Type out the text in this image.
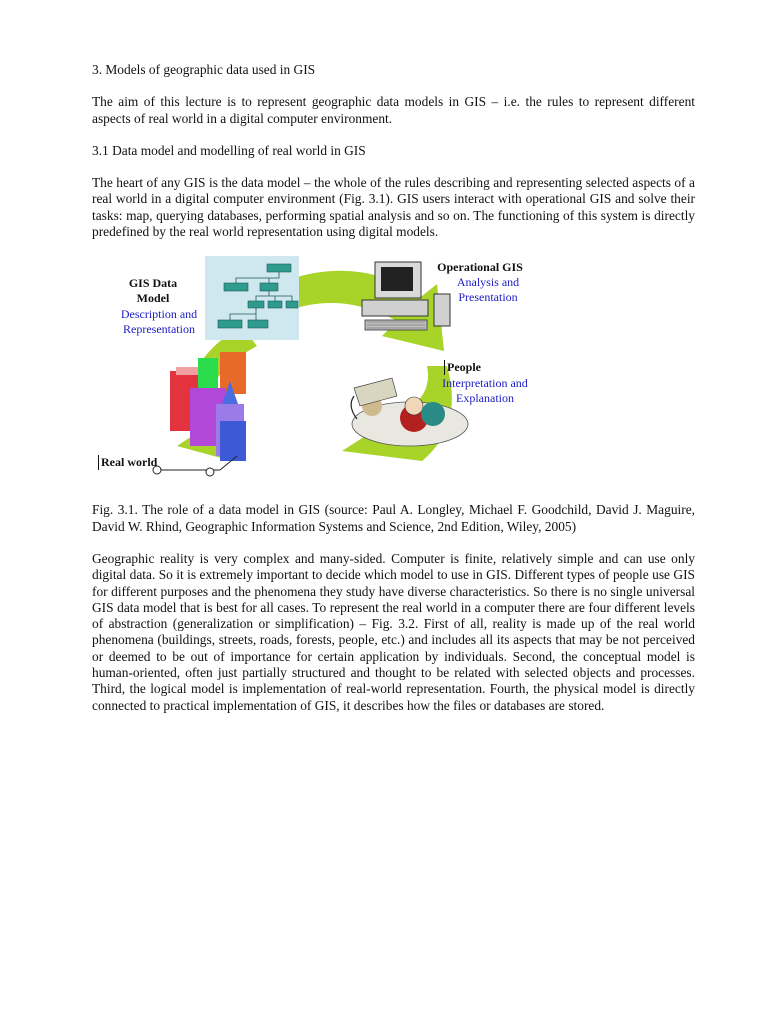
3. Models of geographic data used in GIS

The aim of this lecture is to represent geographic data models in GIS – i.e. the rules to represent different aspects of real world in a digital computer environment.

3.1 Data model and modelling of real world in GIS

The heart of any GIS is the data model – the whole of the rules describing and representing selected aspects of a real world in a digital computer environment (Fig. 3.1). GIS users interact with operational GIS and solve their tasks: map, querying databases, performing spatial analysis and so on. The functioning of this system is directly predefined by the real world representation using digital models.

GIS Data
Model
Description and
Representation
Operational GIS
Analysis and
Presentation
People
Interpretation and
Explanation
Real world

Fig. 3.1. The role of a data model in GIS (source: Paul A. Longley, Michael F. Goodchild, David J. Maguire, David W. Rhind, Geographic Information Systems and Science, 2nd Edition, Wiley, 2005)

Geographic reality is very complex and many-sided. Computer is finite, relatively simple and can use only digital data. So it is extremely important to decide which model to use in GIS. Different types of people use GIS for different purposes and the phenomena they study have diverse characteristics. So there is no single universal GIS data model that is best for all cases. To represent the real world in a computer there are four different levels of abstraction (generalization or simplification) – Fig. 3.2. First of all, reality is made up of the real world phenomena (buildings, streets, roads, forests, people, etc.) and includes all its aspects that may be not perceived or deemed to be out of importance for certain application by individuals. Second, the conceptual model is human-oriented, often just partially structured and thought to be related with selected objects and processes. Third, the logical model is implementation of real-world representation. Fourth, the physical model is directly connected to practical implementation of GIS, it describes how the files or databases are stored.
